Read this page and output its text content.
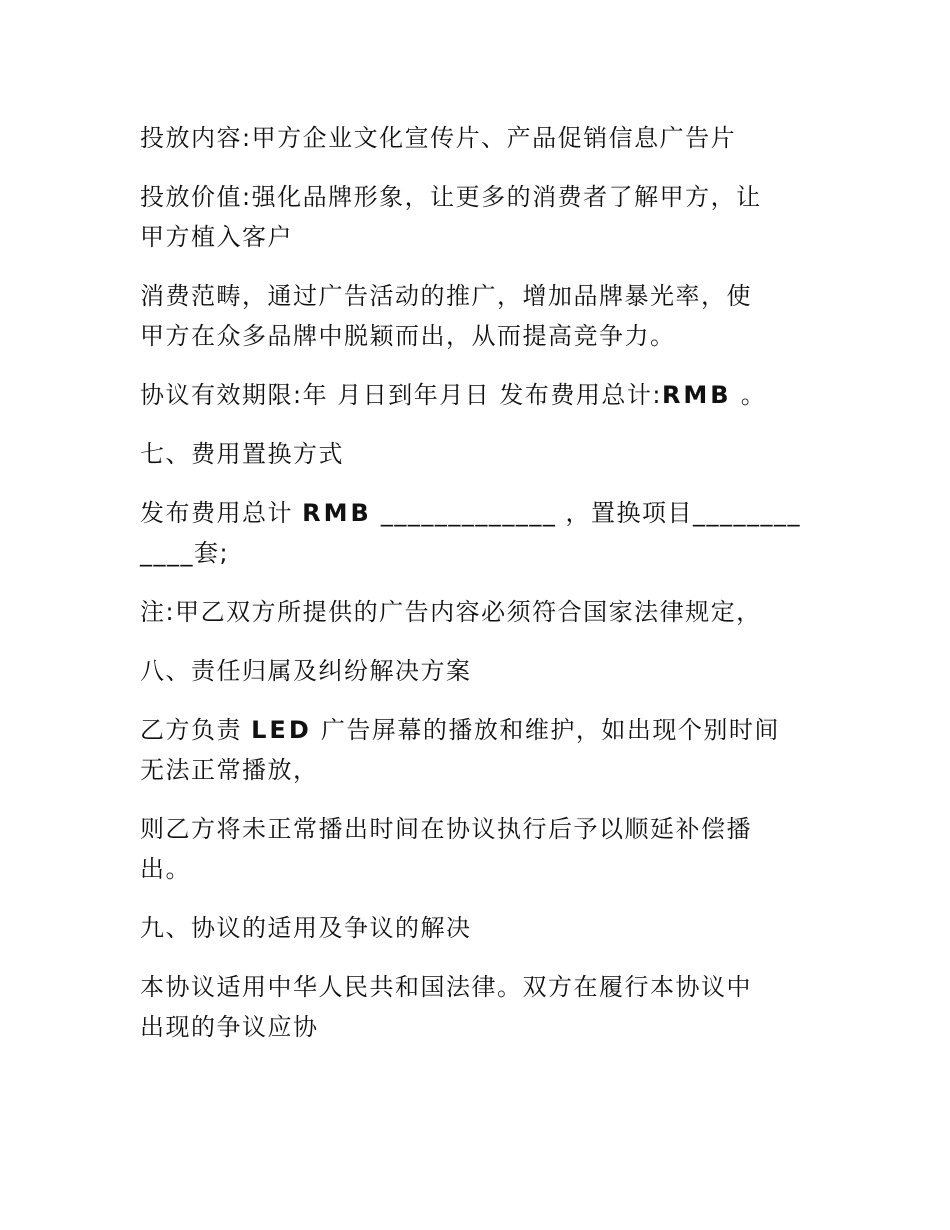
投放内容:甲方企业文化宣传片、产品促销信息广告片

投放价值:强化品牌形象，让更多的消费者了解甲方，让
甲方植入客户

消费范畴，通过广告活动的推广，增加品牌暴光率，使
甲方在众多品牌中脱颖而出，从而提高竞争力。

协议有效期限:年 月日到年月日 发布费用总计:RMB 。

七、费用置换方式

发布费用总计 RMB _____________ ，置换项目________
____套;

注:甲乙双方所提供的广告内容必须符合国家法律规定，

八、责任归属及纠纷解决方案

乙方负责 LED 广告屏幕的播放和维护，如出现个别时间
无法正常播放，

则乙方将未正常播出时间在协议执行后予以顺延补偿播
出。

九、协议的适用及争议的解决

本协议适用中华人民共和国法律。双方在履行本协议中
出现的争议应协
